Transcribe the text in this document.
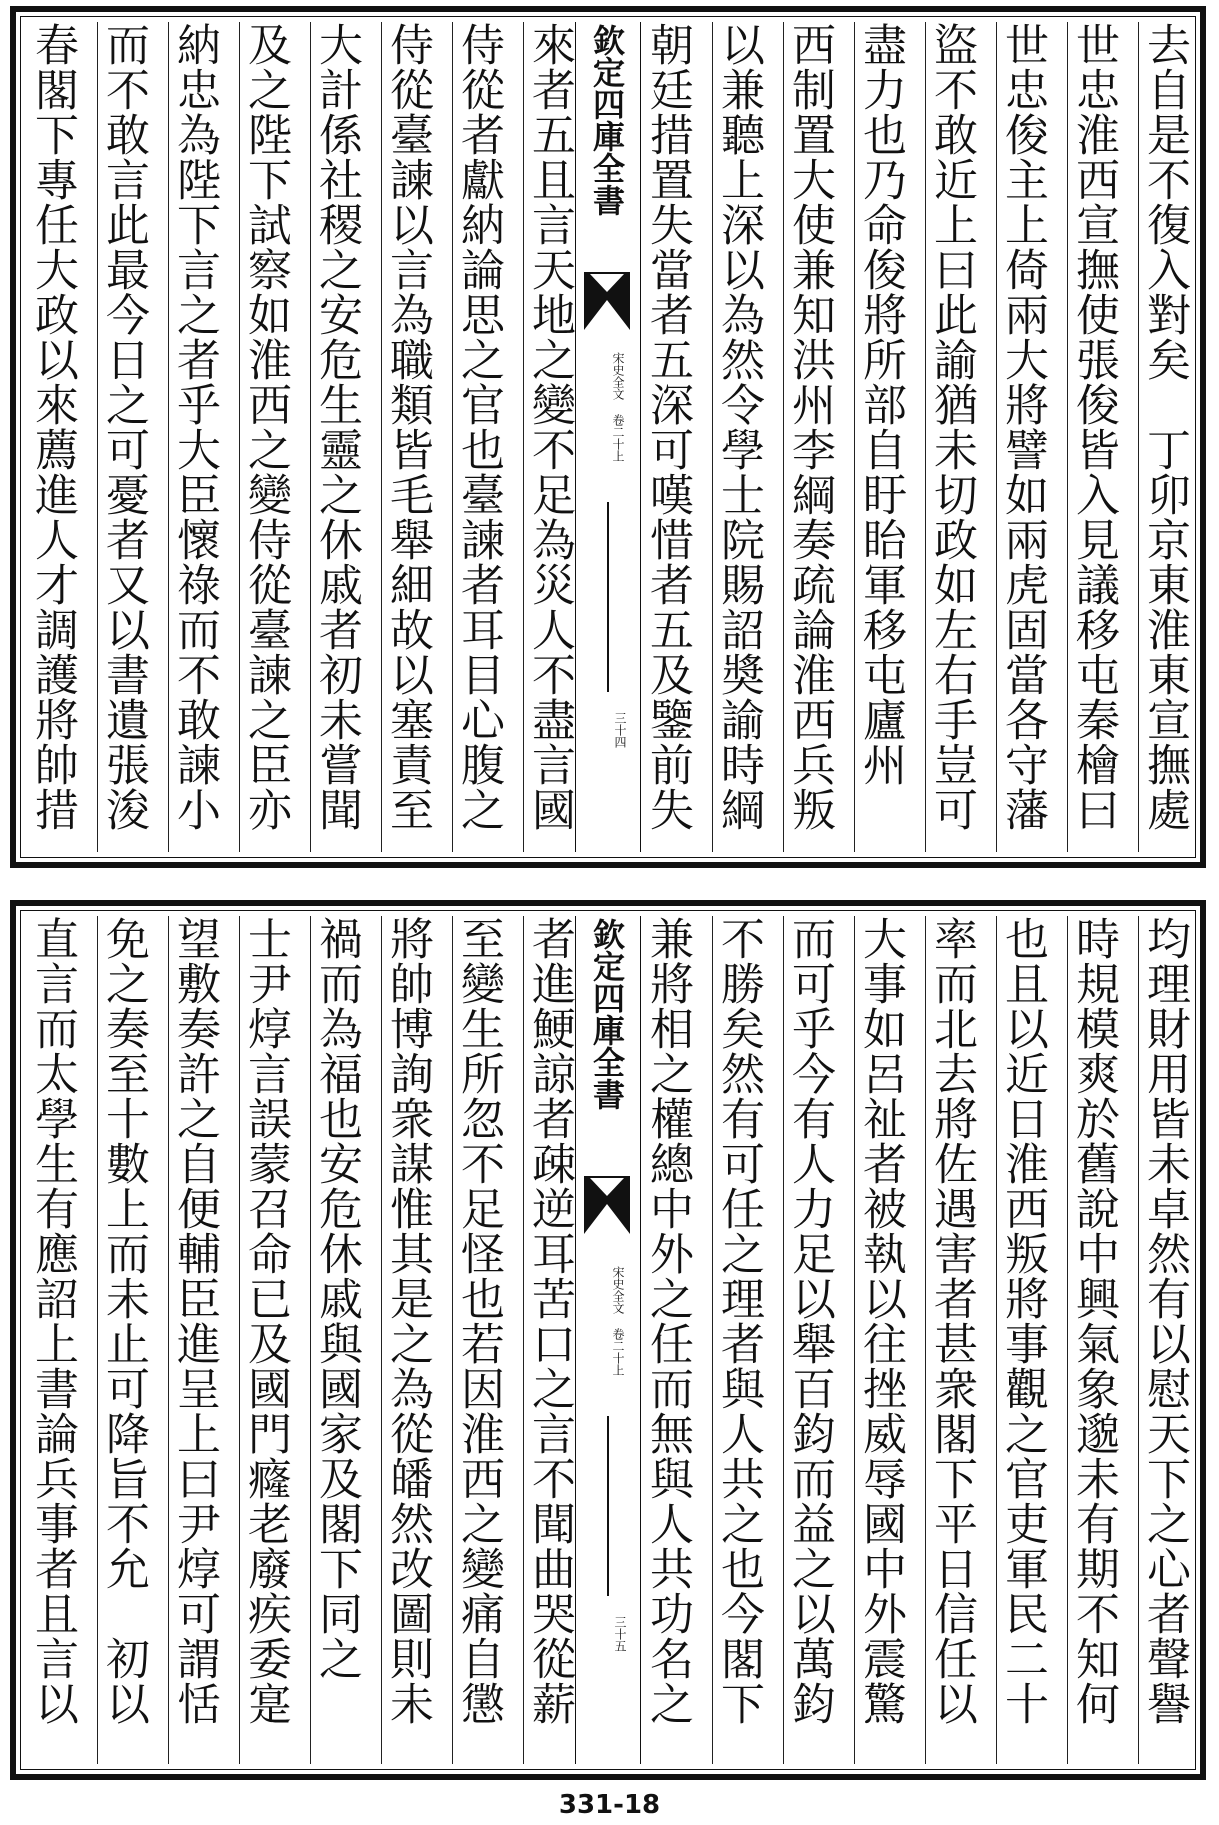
去自是不復入對矣　丁卯京東淮東宣撫處
世忠淮西宣撫使張俊皆入見議移屯秦檜曰
世忠俊主上倚兩大將譬如兩虎固當各守藩
盜不敢近上曰此諭猶未切政如左右手豈可
盡力也乃命俊將所部自盱眙軍移屯廬州　
西制置大使兼知洪州李綱奏疏論淮西兵叛
以兼聽上深以為然令學士院賜詔奬諭時綱
朝廷措置失當者五深可嘆惜者五及鑒前失
欽定四庫全書
宋史全文 卷二十上
三十四
來者五且言天地之變不足為災人不盡言國
侍從者獻納論思之官也臺諫者耳目心腹之
侍從臺諫以言為職類皆毛舉細故以塞責至
大計係社稷之安危生靈之休戚者初未嘗聞
及之陛下試察如淮西之變侍從臺諫之臣亦
納忠為陛下言之者乎大臣懷祿而不敢諫小
而不敢言此最今日之可憂者又以書遺張浚
春閣下專任大政以來薦進人才調護將帥措
均理財用皆未卓然有以慰天下之心者聲譽
時規模爽於舊說中興氣象邈未有期不知何
也且以近日淮西叛將事觀之官吏軍民二十
率而北去將佐遇害者甚衆閣下平日信任以
大事如呂祉者被執以往挫威辱國中外震驚
而可乎今有人力足以舉百鈞而益之以萬鈞
不勝矣然有可任之理者與人共之也今閣下
兼將相之權總中外之任而無與人共功名之
欽定四庫全書
宋史全文 卷二十上
三十五
者進鯁諒者疎逆耳苦口之言不聞曲哭從薪
至變生所忽不足怪也若因淮西之變痛自懲
將帥博詢衆謀惟其是之為從皤然改圖則未
禍而為福也安危休戚與國家及閣下同之　
士尹焞言誤蒙召命已及國門癃老廢疾委寔
望敷奏許之自便輔臣進呈上曰尹焞可謂恬
免之奏至十數上而未止可降旨不允　初以
直言而太學生有應詔上書論兵事者且言以
331-18
